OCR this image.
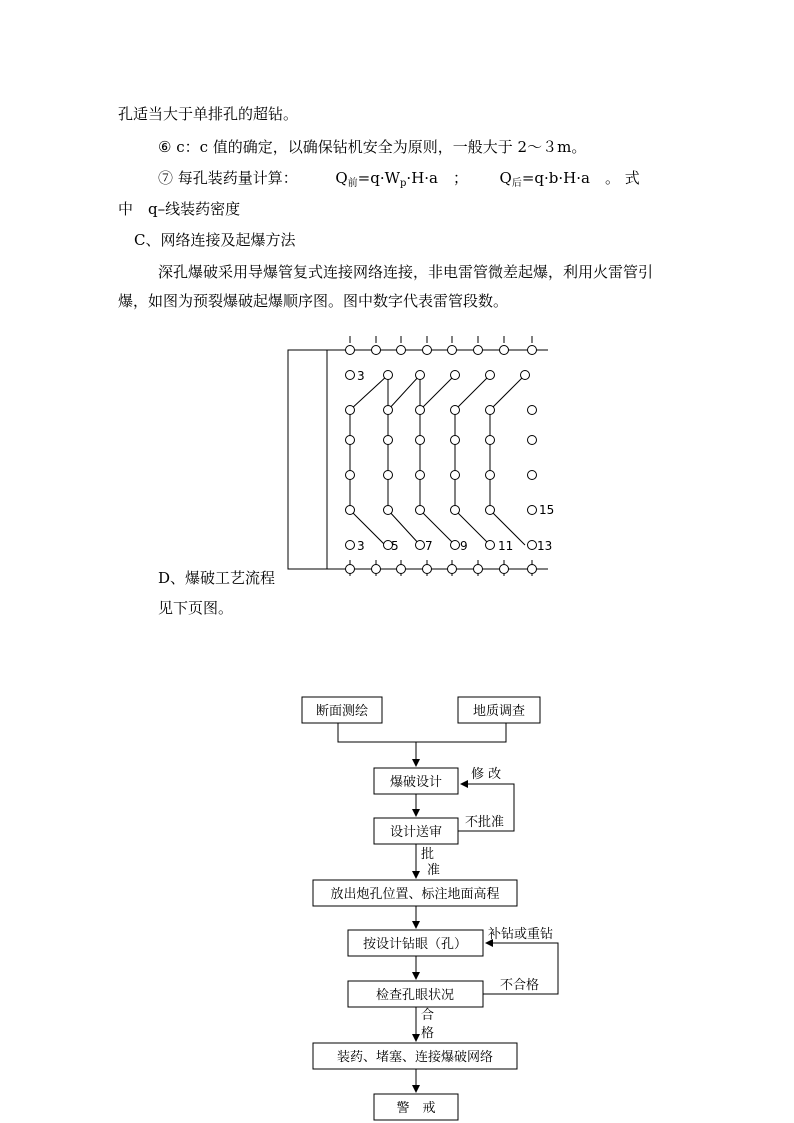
孔适当大于单排孔的超钻。
⑥ c：c 值的确定，以确保钻机安全为原则，一般大于 2～３m。
⑦ 每孔装药量计算：	$Q_前=q\cdot W_p\cdot H\cdot a$　； $Q_后=q\cdot b\cdot H\cdot a$　。 式
中　q–线装药密度
C、网络连接及起爆方法
深孔爆破采用导爆管复式连接网络连接，非电雷管微差起爆，利用火雷管引
爆，如图为预裂爆破起爆顺序图。图中数字代表雷管段数。
D、爆破工艺流程
见下页图。
3
15
3 5 7 9	11 13
断面测绘	地质调查
爆破设计
设计送审
放出炮孔位置、标注地面高程
按设计钻眼（孔）
检查孔眼状况
装药、堵塞、连接爆破网络
警　戒
修 改
不批准
批
准
补钻或重钻
不合格
合
格
